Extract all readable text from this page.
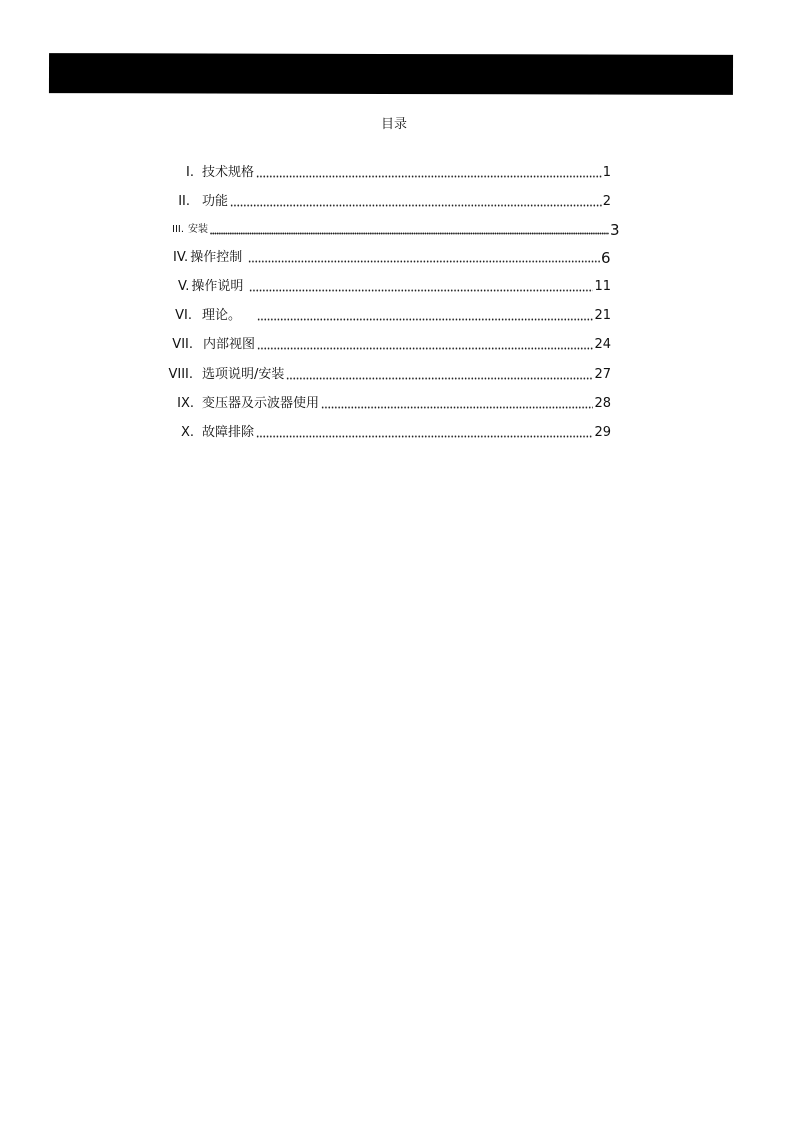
目录
I. 技术规格	1
II. 功能	2
III. 安装	3
IV. 操作控制	6
V. 操作说明	11
VI. 理论。	21
VII. 内部视图	24
VIII. 选项说明/安装	27
IX. 变压器及示波器使用	28
X. 故障排除	29
